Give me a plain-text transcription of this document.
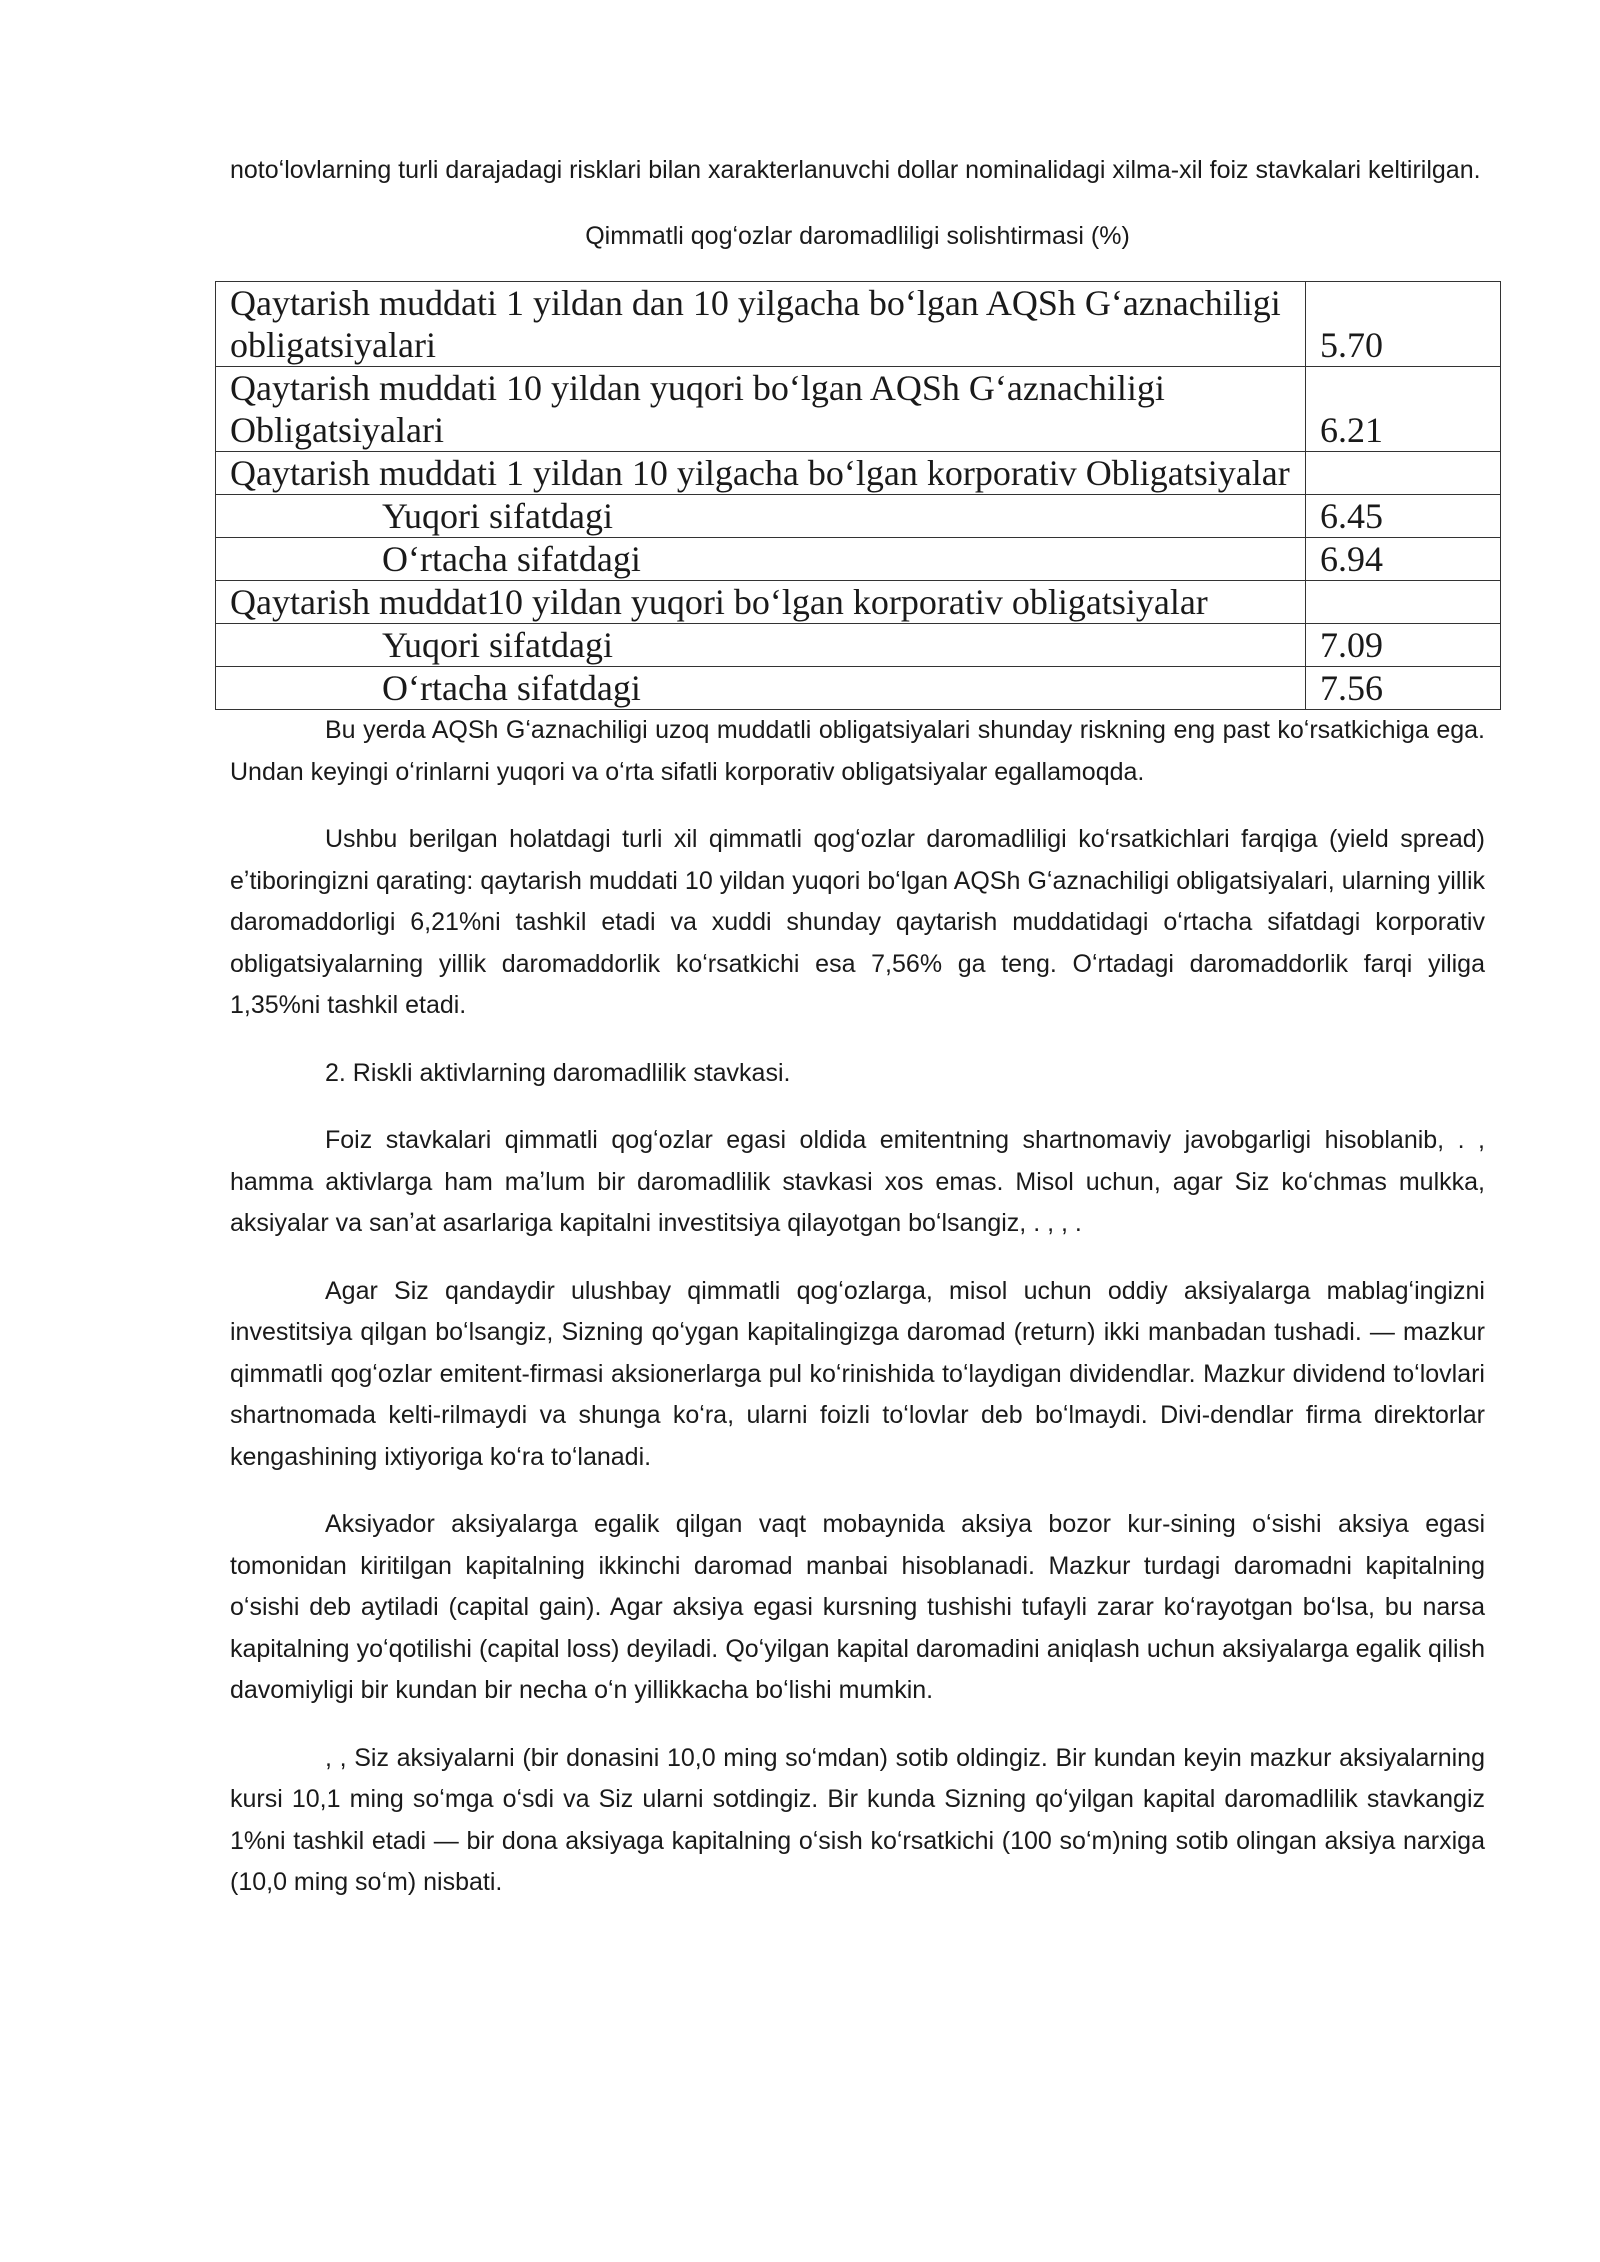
notoʻlovlarning turli darajadagi risklari bilan xarakterlanuvchi dollar nominalidagi xilma-xil foiz stavkalari keltirilgan.

Qimmatli qogʻozlar daromadliligi solishtirmasi (%)
Qaytarish muddati 1 yildan dan 10 yilgacha boʻlgan AQSh Gʻaznachiligi obligatsiyalari	5.70
Qaytarish muddati 10 yildan yuqori boʻlgan AQSh Gʻaznachiligi Obligatsiyalari	6.21
Qaytarish muddati 1 yildan 10 yilgacha boʻlgan korporativ Obligatsiyalar	
Yuqori sifatdagi	6.45
Oʻrtacha sifatdagi	6.94
Qaytarish muddat10 yildan yuqori boʻlgan korporativ obligatsiyalar	
Yuqori sifatdagi	7.09
Oʻrtacha sifatdagi	7.56

Bu yerda AQSh Gʻaznachiligi uzoq muddatli obligatsiyalari shunday riskning eng past koʻrsatkichiga ega. Undan keyingi oʻrinlarni yuqori va oʻrta sifatli korporativ obligatsiyalar egallamoqda.

Ushbu berilgan holatdagi turli xil qimmatli qogʻozlar daromadliligi koʻrsatkichlari farqiga (yield spread) eʼtiboringizni qarating: qaytarish muddati 10 yildan yuqori boʻlgan AQSh Gʻaznachiligi obligatsiyalari, ularning yillik daromaddorligi 6,21%ni tashkil etadi va xuddi shunday qaytarish muddatidagi oʻrtacha sifatdagi korporativ obligatsiyalarning yillik daromaddorlik koʻrsatkichi esa 7,56% ga teng. Oʻrtadagi daromaddorlik farqi yiliga 1,35%ni tashkil etadi.

2. Riskli aktivlarning daromadlilik stavkasi.

Foiz stavkalari qimmatli qogʻozlar egasi oldida emitentning shartnomaviy javobgarligi hisoblanib, . , hamma aktivlarga ham maʼlum bir daromadlilik stavkasi xos emas. Misol uchun, agar Siz koʻchmas mulkka, aksiyalar va sanʼat asarlariga kapitalni investitsiya qilayotgan boʻlsangiz, . , , .

Agar Siz qandaydir ulushbay qimmatli qogʻozlarga, misol uchun oddiy aksiyalarga mablagʻingizni investitsiya qilgan boʻlsangiz, Sizning qoʻygan kapitalingizga daromad (return) ikki manbadan tushadi. — mazkur qimmatli qogʻozlar emitent-firmasi aksionerlarga pul koʻrinishida toʻlaydigan dividendlar. Mazkur dividend toʻlovlari shartnomada kelti-rilmaydi va shunga koʻra, ularni foizli toʻlovlar deb boʻlmaydi. Divi-dendlar firma direktorlar kengashining ixtiyoriga koʻra toʻlanadi.

Aksiyador aksiyalarga egalik qilgan vaqt mobaynida aksiya bozor kur-sining oʻsishi aksiya egasi tomonidan kiritilgan kapitalning ikkinchi daromad manbai hisoblanadi. Mazkur turdagi daromadni kapitalning oʻsishi deb aytiladi (capital gain). Agar aksiya egasi kursning tushishi tufayli zarar koʻrayotgan boʻlsa, bu narsa kapitalning yoʻqotilishi (capital loss) deyiladi. Qoʻyilgan kapital daromadini aniqlash uchun aksiyalarga egalik qilish davomiyligi bir kundan bir necha oʻn yillikkacha boʻlishi mumkin.

, , Siz aksiyalarni (bir donasini 10,0 ming soʻmdan) sotib oldingiz. Bir kundan keyin mazkur aksiyalarning kursi 10,1 ming soʻmga oʻsdi va Siz ularni sotdingiz. Bir kunda Sizning qoʻyilgan kapital daromadlilik stavkangiz 1%ni tashkil etadi — bir dona aksiyaga kapitalning oʻsish koʻrsatkichi (100 soʻm)ning sotib olingan aksiya narxiga (10,0 ming soʻm) nisbati.
